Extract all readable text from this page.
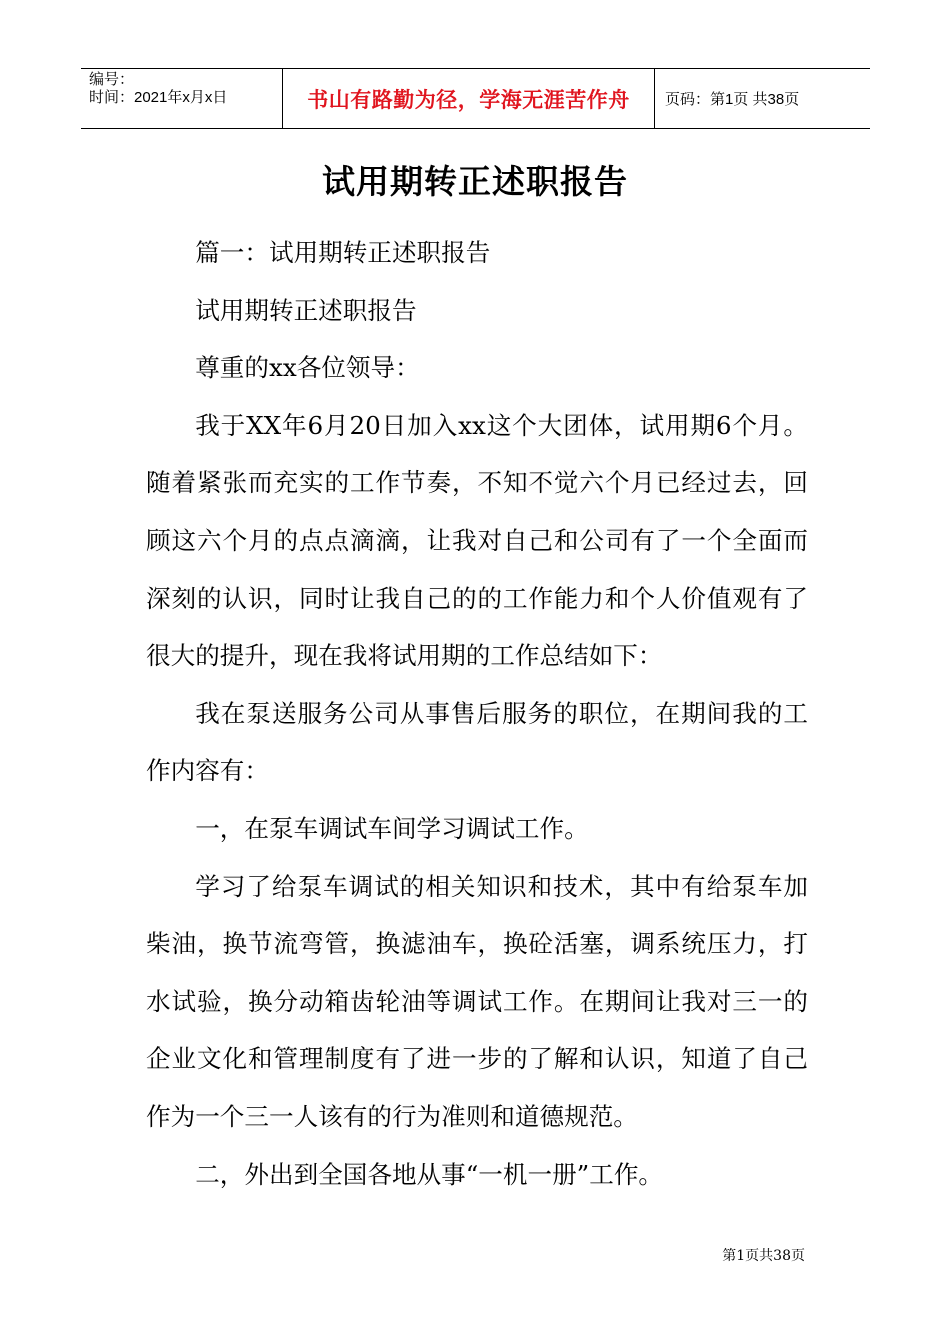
编号：
时间：2021年x月x日	书山有路勤为径，学海无涯苦作舟	页码：第1页 共38页
试用期转正述职报告

篇一：试用期转正述职报告

试用期转正述职报告

尊重的xx各位领导：

我于XX年6月20日加入xx这个大团体，试用期6个月。随着紧张而充实的工作节奏，不知不觉六个月已经过去，回顾这六个月的点点滴滴，让我对自己和公司有了一个全面而深刻的认识，同时让我自己的的工作能力和个人价值观有了很大的提升，现在我将试用期的工作总结如下：

我在泵送服务公司从事售后服务的职位，在期间我的工作内容有：

一，在泵车调试车间学习调试工作。

学习了给泵车调试的相关知识和技术，其中有给泵车加柴油，换节流弯管，换滤油车，换砼活塞，调系统压力，打水试验，换分动箱齿轮油等调试工作。在期间让我对三一的企业文化和管理制度有了进一步的了解和认识，知道了自己作为一个三一人该有的行为准则和道德规范。

二，外出到全国各地从事“一机一册”工作。

第1页共38页
